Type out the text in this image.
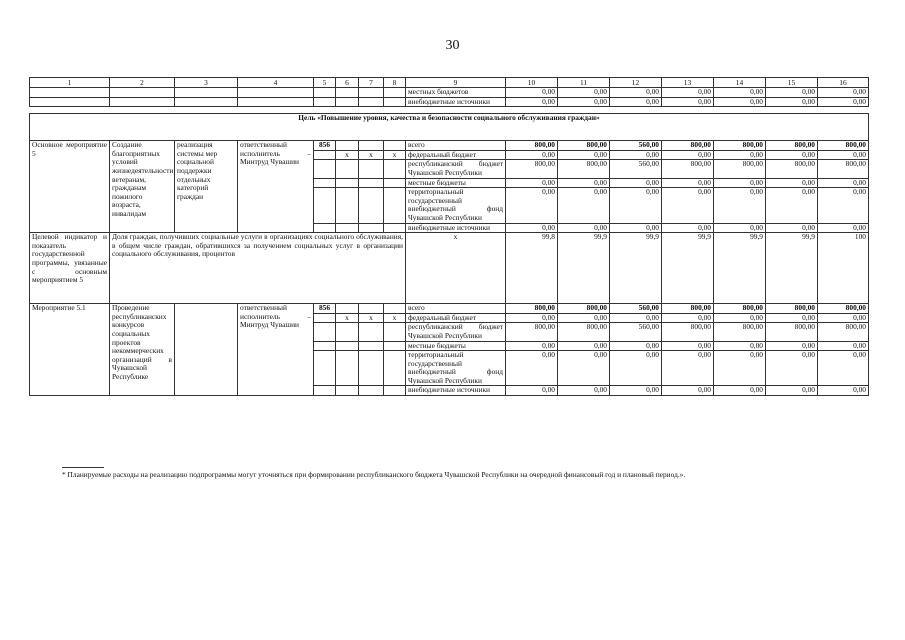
30
1	2	3	4	5	6	7	8	9	10	11	12	13	14	15	16
								местных бюджетов	0,00	0,00	0,00	0,00	0,00	0,00	0,00
								внебюджетные источники	0,00	0,00	0,00	0,00	0,00	0,00	0,00

Цель «Повышение уровня, качества и безопасности социального обслуживания граждан»															
Основное мероприятие 5	Создание благоприятных условий жизнедеятельности ветеранам, гражданам пожилого возраста, инвалидам	реализация системы мер социальной поддержки отдельных категорий граждан	ответственный исполнитель – Минтруд Чувашии	856				всего	800,00	800,00	560,00	800,00	800,00	800,00	800,00
					x	x	x	федеральный бюджет	0,00	0,00	0,00	0,00	0,00	0,00	0,00
								республиканский бюджет Чувашской Республики	800,00	800,00	560,00	800,00	800,00	800,00	800,00
								местные бюджеты	0,00	0,00	0,00	0,00	0,00	0,00	0,00
								территориальный государственный внебюджетный фонд Чувашской Республики	0,00	0,00	0,00	0,00	0,00	0,00	0,00
								внебюджетные источники	0,00	0,00	0,00	0,00	0,00	0,00	0,00
Целевой индикатор и показатель государственной программы, увязанные с основным мероприятием 5	Доля граждан, получивших социальные услуги в организациях социального обслуживания, в общем числе граждан, обратившихся за получением социальных услуг в организации социального обслуживания, процентов							x	99,8	99,9	99,9	99,9	99,9	99,9	100
Мероприятие 5.1	Проведение республиканских конкурсов социальных проектов некоммерческих организаций в Чувашской Республике		ответственный исполнитель – Минтруд Чувашии	856				всего	800,00	800,00	560,00	800,00	800,00	800,00	800,00
					x	x	x	федеральный бюджет	0,00	0,00	0,00	0,00	0,00	0,00	0,00
								республиканский бюджет Чувашской Республики	800,00	800,00	560,00	800,00	800,00	800,00	800,00
								местные бюджеты	0,00	0,00	0,00	0,00	0,00	0,00	0,00
								территориальный государственный внебюджетный фонд Чувашской Республики	0,00	0,00	0,00	0,00	0,00	0,00	0,00
								внебюджетные источники	0,00	0,00	0,00	0,00	0,00	0,00	0,00
* Планируемые расходы на реализацию подпрограммы могут уточняться при формировании республиканского бюджета Чувашской Республики на очередной финансовый год и плановый период.».
